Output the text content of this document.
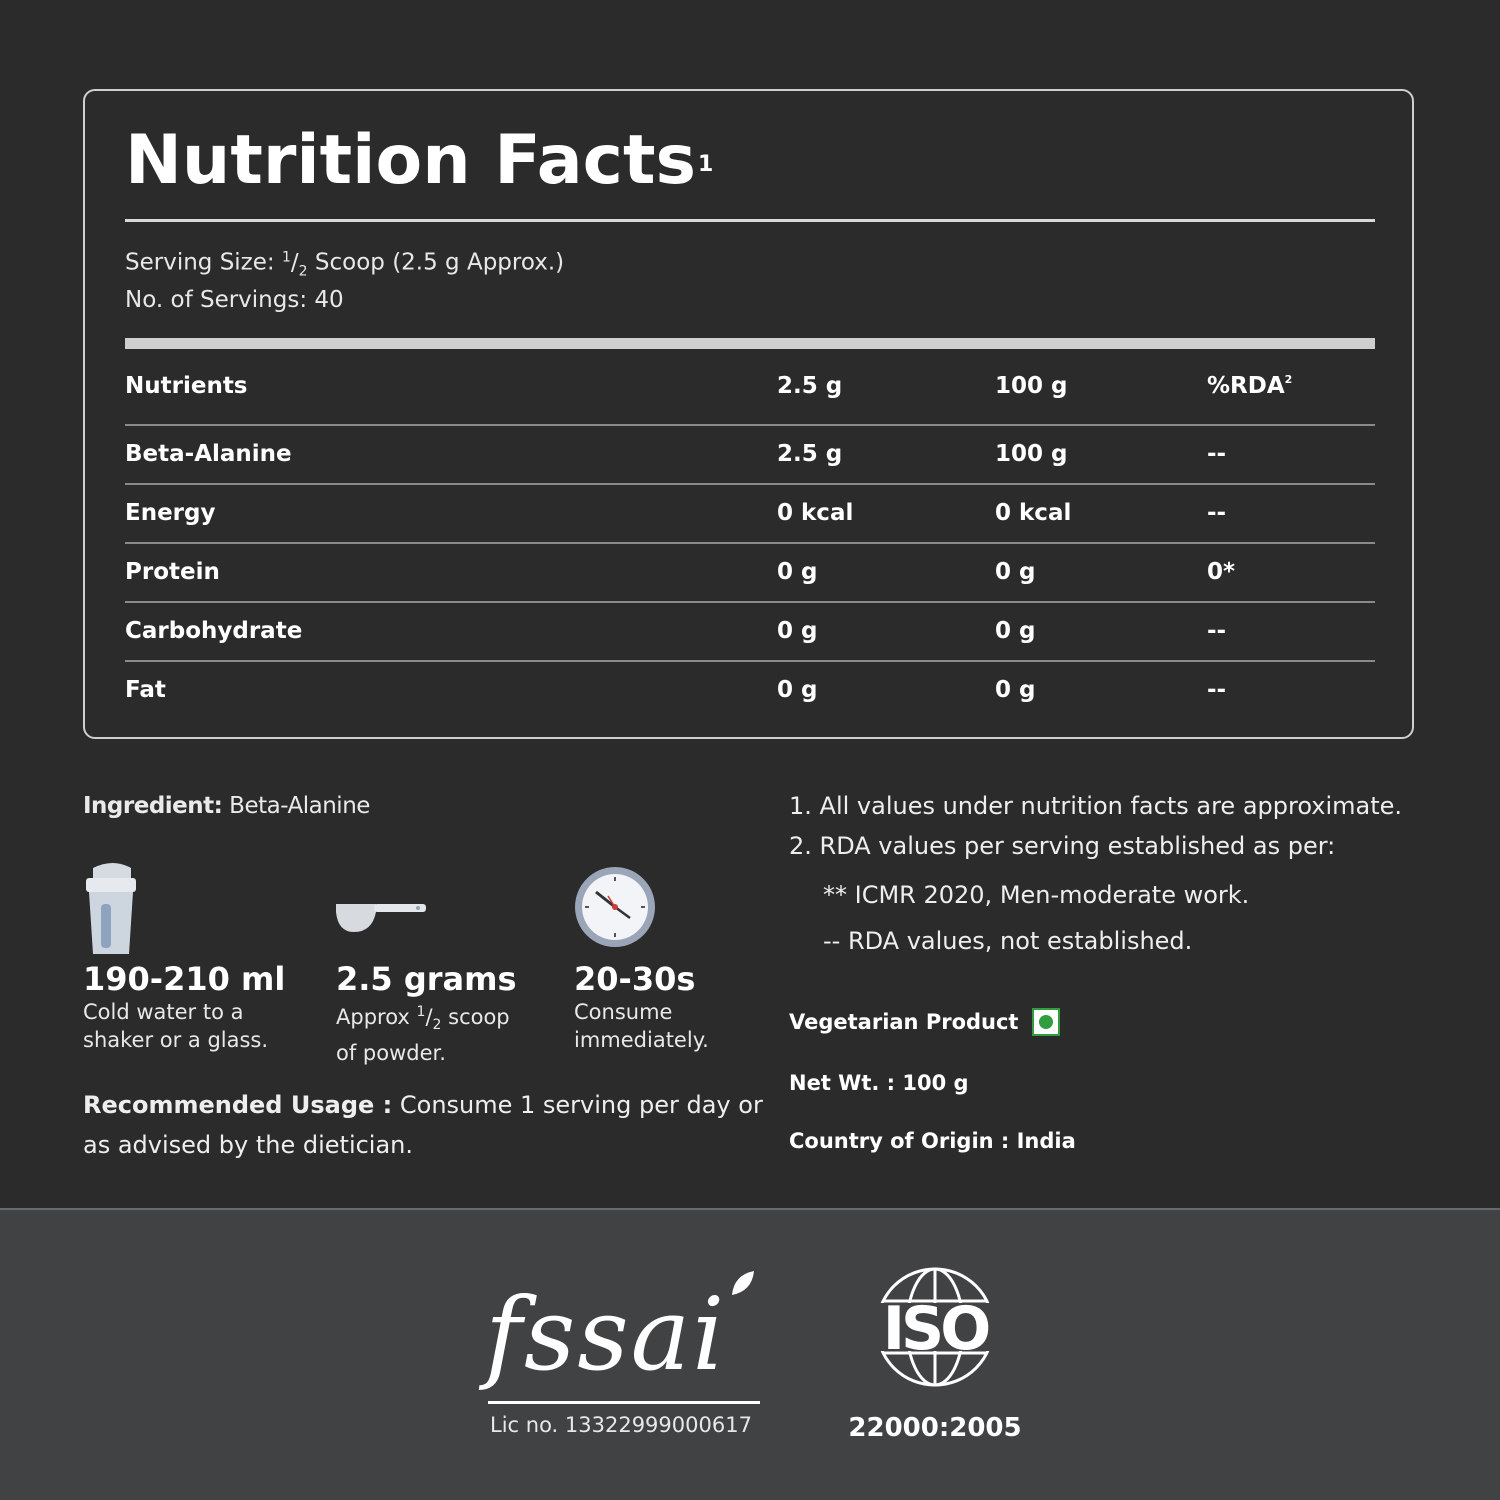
Nutrition Facts$^1$
Serving Size: $^1/_2$ Scoop (2.5 g Approx.)
No. of Servings: 40
Nutrients	2.5 g	100 g	%RDA$^2$
Beta-Alanine	2.5 g	100 g	--
Energy	0 kcal	0 kcal	--
Protein	0 g	0 g	0*
Carbohydrate	0 g	0 g	--
Fat	0 g	0 g	--
Ingredient: Beta-Alanine
190-210 ml
Cold water to a shaker or a glass.
2.5 grams
Approx $^1/_2$ scoop of powder.
20-30s
Consume immediately.
Recommended Usage : Consume 1 serving per day or as advised by the dietician.
1. All values under nutrition facts are approximate.
2. RDA values per serving established as per:
** ICMR 2020, Men-moderate work.
-- RDA values, not established.
Vegetarian Product
Net Wt. : 100 g
Country of Origin : India
fssai
Lic no. 13322999000617
ISO
22000:2005
